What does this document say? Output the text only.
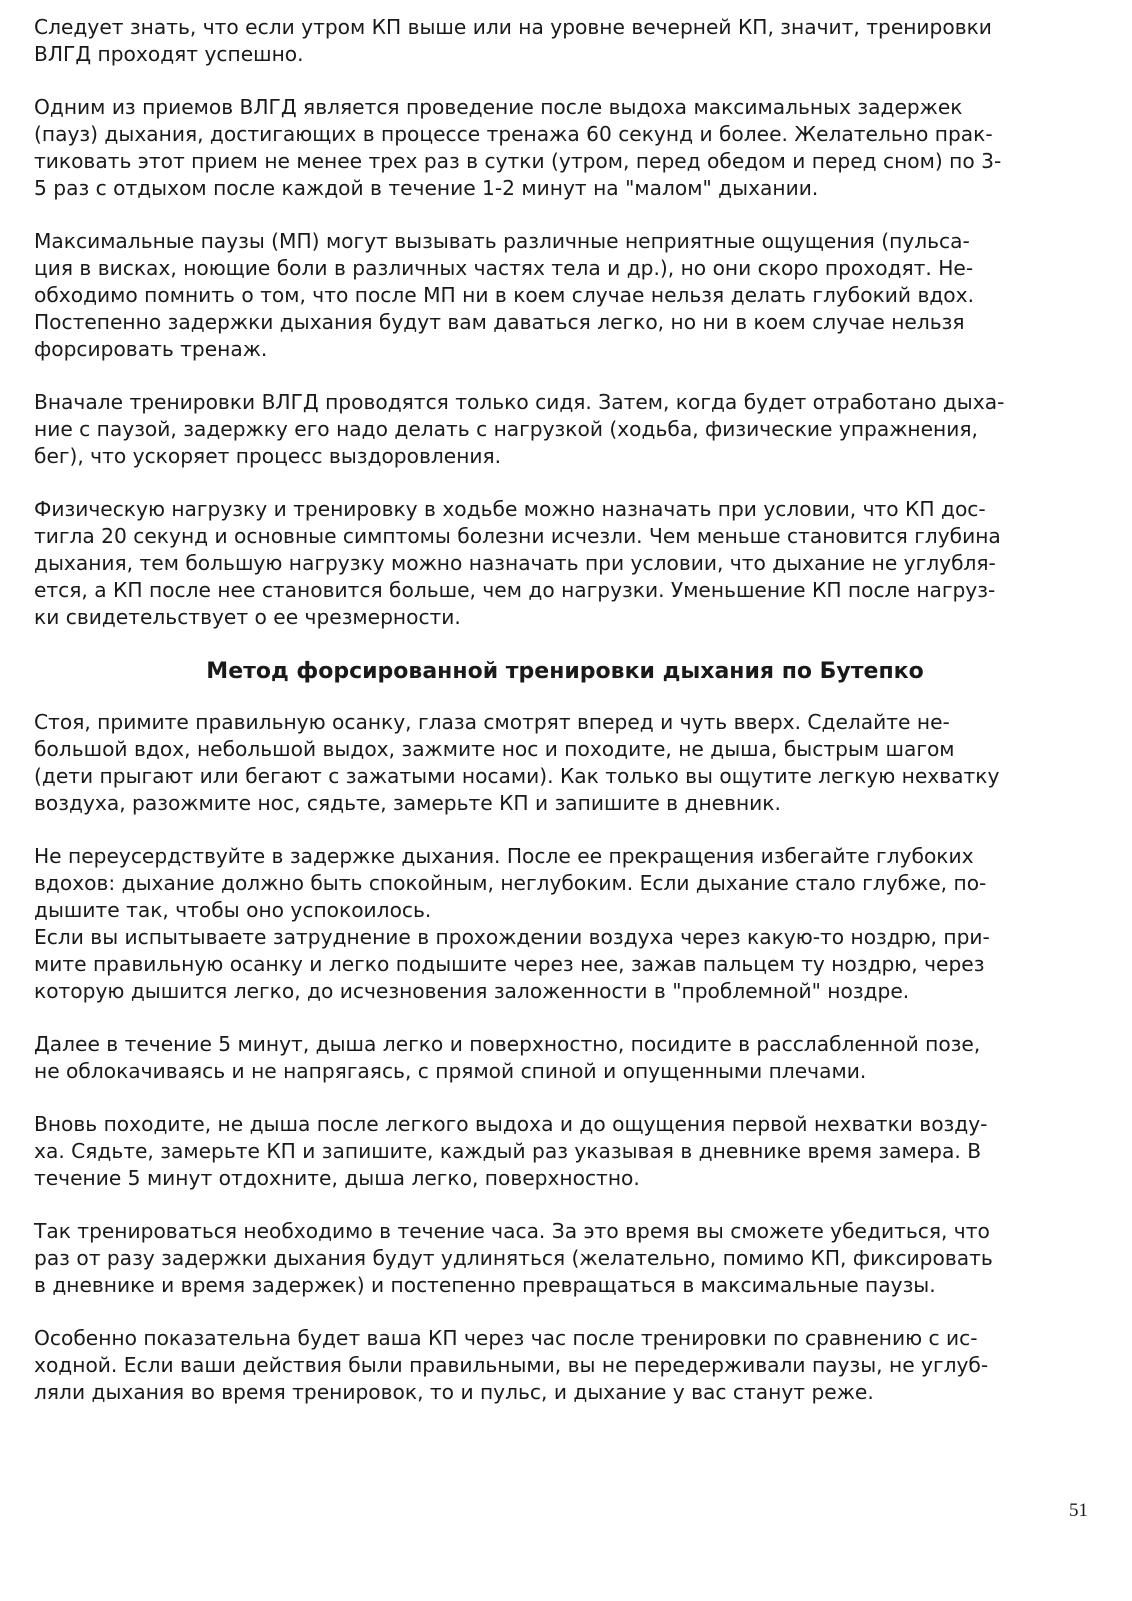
Следует знать, что если утром КП выше или на уровне вечерней КП, значит, тренировки
ВЛГД проходят успешно.

Одним из приемов ВЛГД является проведение после выдоха максимальных задержек
(пауз) дыхания, достигающих в процессе тренажа 60 секунд и более. Желательно прак-
тиковать этот прием не менее трех раз в сутки (утром, перед обедом и перед сном) по 3-
5 раз с отдыхом после каждой в течение 1-2 минут на "малом" дыхании.

Максимальные паузы (МП) могут вызывать различные неприятные ощущения (пульса-
ция в висках, ноющие боли в различных частях тела и др.), но они скоро проходят. Не-
обходимо помнить о том, что после МП ни в коем случае нельзя делать глубокий вдох.
Постепенно задержки дыхания будут вам даваться легко, но ни в коем случае нельзя
форсировать тренаж.

Вначале тренировки ВЛГД проводятся только сидя. Затем, когда будет отработано дыха-
ние с паузой, задержку его надо делать с нагрузкой (ходьба, физические упражнения,
бег), что ускоряет процесс выздоровления.

Физическую нагрузку и тренировку в ходьбе можно назначать при условии, что КП дос-
тигла 20 секунд и основные симптомы болезни исчезли. Чем меньше становится глубина
дыхания, тем большую нагрузку можно назначать при условии, что дыхание не углубля-
ется, а КП после нее становится больше, чем до нагрузки. Уменьшение КП после нагруз-
ки свидетельствует о ее чрезмерности.

Метод форсированной тренировки дыхания по Бутепко

Стоя, примите правильную осанку, глаза смотрят вперед и чуть вверх. Сделайте не-
большой вдох, небольшой выдох, зажмите нос и походите, не дыша, быстрым шагом
(дети прыгают или бегают с зажатыми носами). Как только вы ощутите легкую нехватку
воздуха, разожмите нос, сядьте, замерьте КП и запишите в дневник.

Не переусердствуйте в задержке дыхания. После ее прекращения избегайте глубоких
вдохов: дыхание должно быть спокойным, неглубоким. Если дыхание стало глубже, по-
дышите так, чтобы оно успокоилось.

Если вы испытываете затруднение в прохождении воздуха через какую-то ноздрю, при-
мите правильную осанку и легко подышите через нее, зажав пальцем ту ноздрю, через
которую дышится легко, до исчезновения заложенности в "проблемной" ноздре.

Далее в течение 5 минут, дыша легко и поверхностно, посидите в расслабленной позе,
не облокачиваясь и не напрягаясь, с прямой спиной и опущенными плечами.

Вновь походите, не дыша после легкого выдоха и до ощущения первой нехватки возду-
ха. Сядьте, замерьте КП и запишите, каждый раз указывая в дневнике время замера. В
течение 5 минут отдохните, дыша легко, поверхностно.

Так тренироваться необходимо в течение часа. За это время вы сможете убедиться, что
раз от разу задержки дыхания будут удлиняться (желательно, помимо КП, фиксировать
в дневнике и время задержек) и постепенно превращаться в максимальные паузы.

Особенно показательна будет ваша КП через час после тренировки по сравнению с ис-
ходной. Если ваши действия были правильными, вы не передерживали паузы, не углуб-
ляли дыхания во время тренировок, то и пульс, и дыхание у вас станут реже.

51
